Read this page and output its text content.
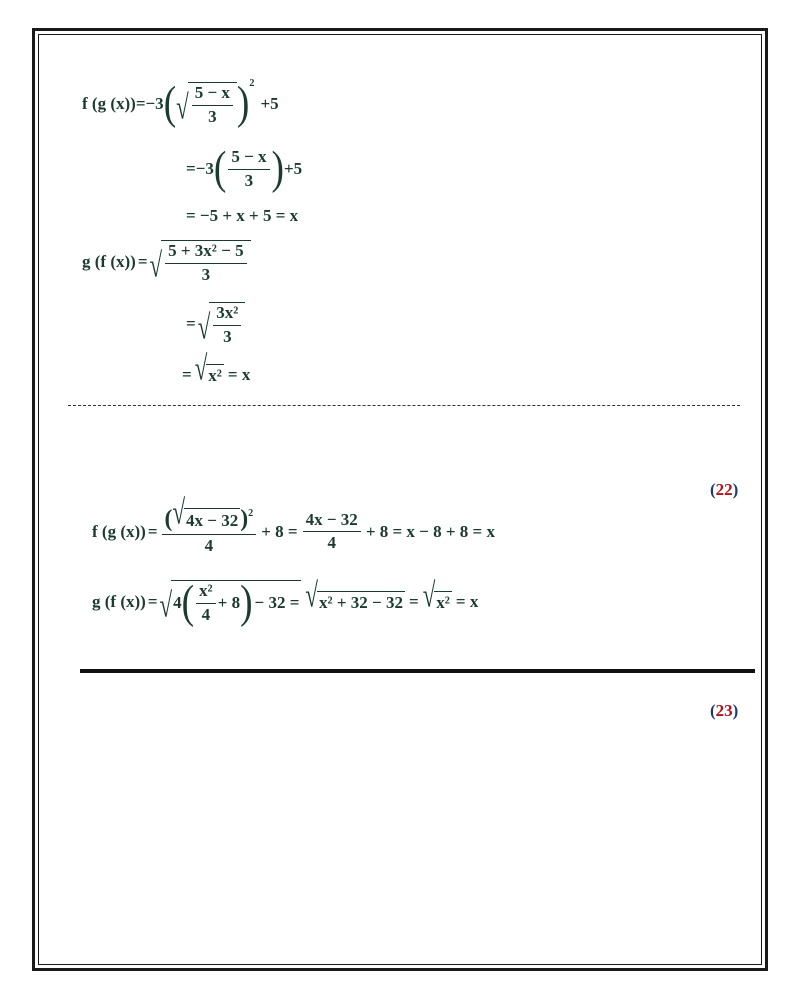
f (g (x)) = −3 ( √ $\frac{5 - x}{3} )^2$
+5
= −3 ( $\frac{5 - x}{3}$ ) +5
= −5 + x + 5 = x
g (f (x)) = √ $\frac{\text{5 + 3x² − 5}}{3}$
= √ $\frac{\text{3x²}}{3}$
= √ x² = x
(22)
f (g $(x)) = \frac{( √ 4x - 32 )^2}{4} + 8 = \frac{4x - 32}{4} + 8 = x - 8 + 8 = x$
g (f (x)) = √ 4 ( $\frac{\text{x²}}{4} + 8$ ) − 32 = √ x² + 32 − 32 = √ x² = x
(23)
